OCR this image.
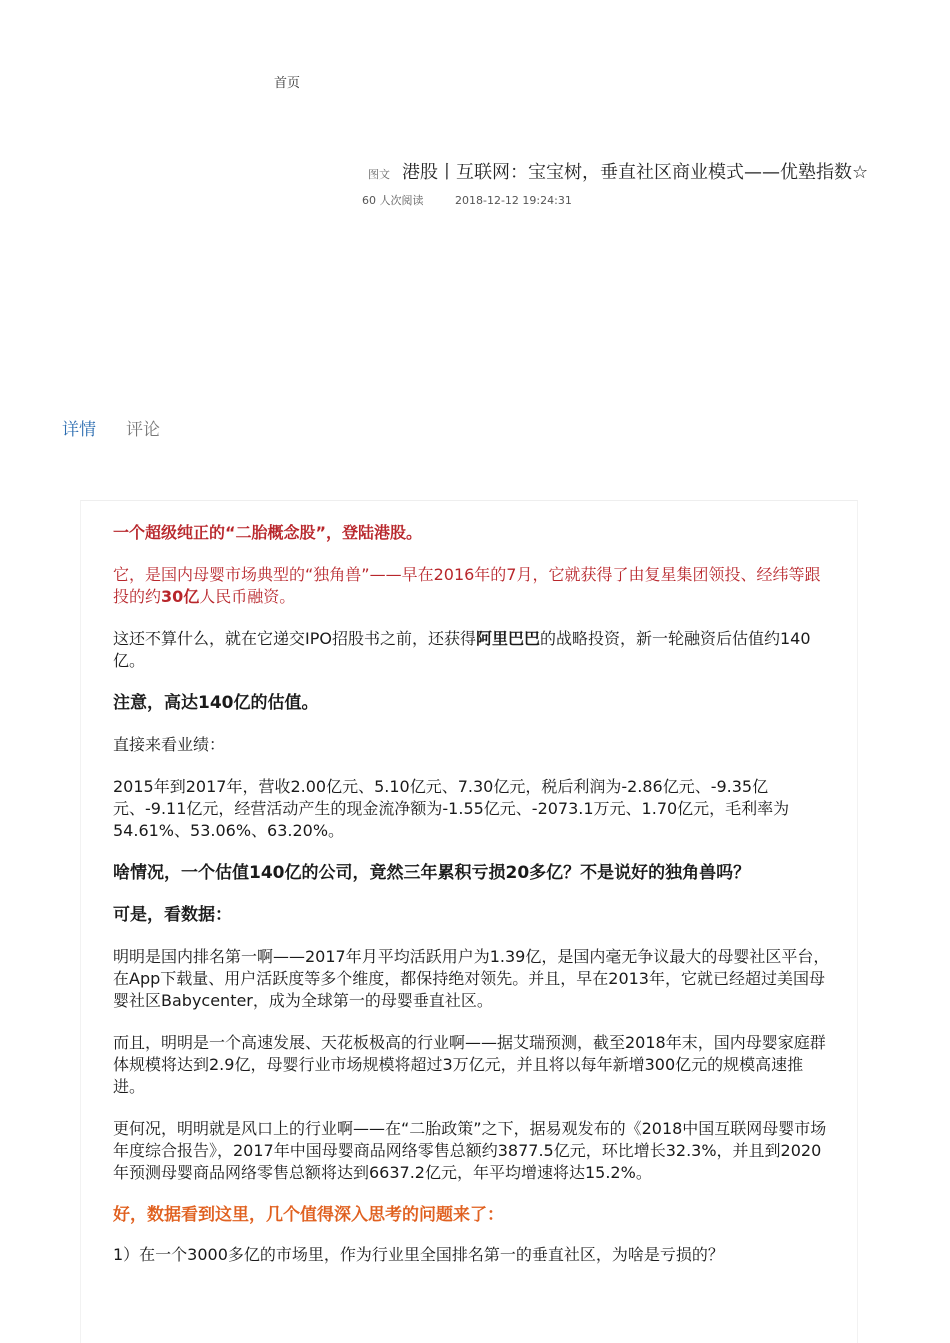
首页
图文 港股丨互联网：宝宝树，垂直社区商业模式——优塾指数☆
60 人次阅读	2018-12-12 19:24:31
详情 评论

一个超级纯正的“二胎概念股”，登陆港股。

它，是国内母婴市场典型的“独角兽”——早在2016年的7月，它就获得了由复星集团领投、经纬等跟投的约30亿人民币融资。

这还不算什么，就在它递交IPO招股书之前，还获得阿里巴巴的战略投资，新一轮融资后估值约140亿。

注意，高达140亿的估值。

直接来看业绩：

2015年到2017年，营收2.00亿元、5.10亿元、7.30亿元，税后利润为-2.86亿元、-9.35亿元、-9.11亿元，经营活动产生的现金流净额为-1.55亿元、-2073.1万元、1.70亿元，毛利率为54.61%、53.06%、63.20%。

啥情况，一个估值140亿的公司，竟然三年累积亏损20多亿？不是说好的独角兽吗？

可是，看数据：

明明是国内排名第一啊——2017年月平均活跃用户为1.39亿，是国内毫无争议最大的母婴社区平台，在App下载量、用户活跃度等多个维度，都保持绝对领先。并且，早在2013年，它就已经超过美国母婴社区Babycenter，成为全球第一的母婴垂直社区。

而且，明明是一个高速发展、天花板极高的行业啊——据艾瑞预测，截至2018年末，国内母婴家庭群体规模将达到2.9亿，母婴行业市场规模将超过3万亿元，并且将以每年新增300亿元的规模高速推进。

更何况，明明就是风口上的行业啊——在“二胎政策”之下，据易观发布的《2018中国互联网母婴市场年度综合报告》，2017年中国母婴商品网络零售总额约3877.5亿元，环比增长32.3%，并且到2020年预测母婴商品网络零售总额将达到6637.2亿元，年平均增速将达15.2%。

好，数据看到这里，几个值得深入思考的问题来了：

1）在一个3000多亿的市场里，作为行业里全国排名第一的垂直社区，为啥是亏损的？
